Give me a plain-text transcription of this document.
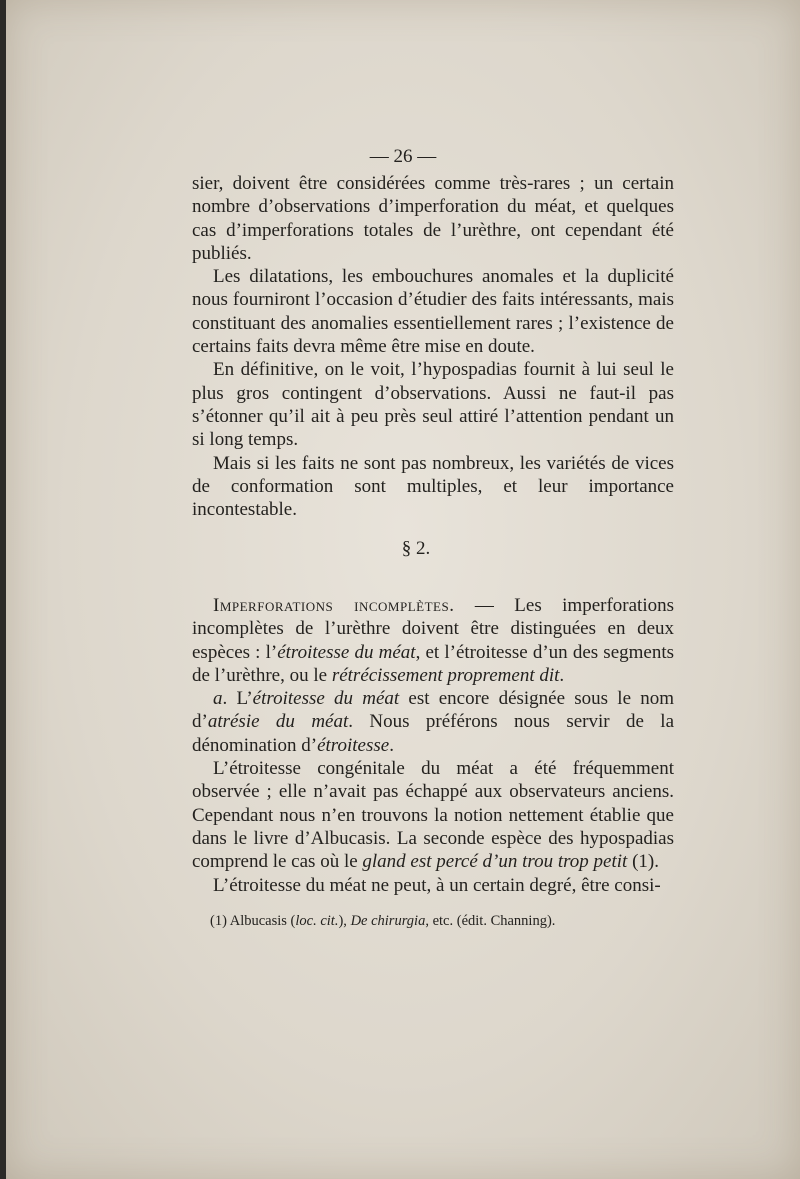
— 26 —

sier, doivent être considérées comme très-rares ; un certain nombre d’observations d’imperforation du méat, et quelques cas d’imperforations totales de l’urèthre, ont cependant été publiés.

Les dilatations, les embouchures anomales et la duplicité nous fourniront l’occasion d’étudier des faits intéressants, mais constituant des anomalies essentiellement rares ; l’existence de certains faits devra même être mise en doute.

En définitive, on le voit, l’hypospadias fournit à lui seul le plus gros contingent d’observations. Aussi ne faut-il pas s’étonner qu’il ait à peu près seul attiré l’attention pendant un si long temps.

Mais si les faits ne sont pas nombreux, les variétés de vices de conformation sont multiples, et leur importance incontestable.

§ 2.

Imperforations incomplètes. — Les imperforations incomplètes de l’urèthre doivent être distinguées en deux espèces : l’étroitesse du méat, et l’étroitesse d’un des segments de l’urèthre, ou le rétrécissement proprement dit.

a. L’étroitesse du méat est encore désignée sous le nom d’atrésie du méat. Nous préférons nous servir de la dénomination d’étroitesse.

L’étroitesse congénitale du méat a été fréquemment observée ; elle n’avait pas échappé aux observateurs anciens. Cependant nous n’en trouvons la notion nettement établie que dans le livre d’Albucasis. La seconde espèce des hypospadias comprend le cas où le gland est percé d’un trou trop petit (1).

L’étroitesse du méat ne peut, à un certain degré, être consi-

(1) Albucasis (loc. cit.), De chirurgia, etc. (édit. Channing).
